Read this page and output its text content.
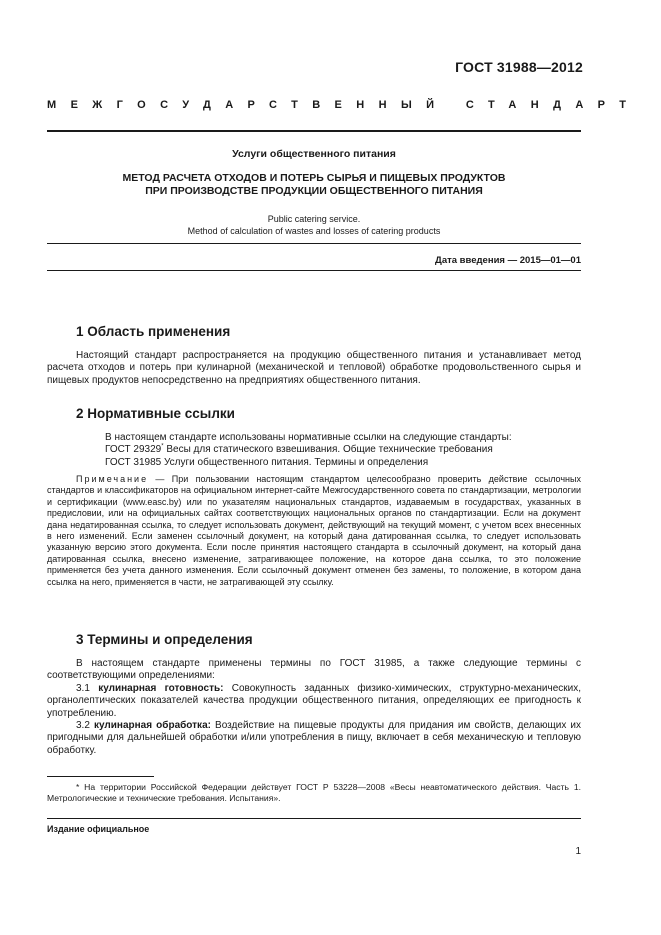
ГОСТ 31988—2012
МЕЖГОСУДАРСТВЕННЫЙ СТАНДАРТ
Услуги общественного питания
МЕТОД РАСЧЕТА ОТХОДОВ И ПОТЕРЬ СЫРЬЯ И ПИЩЕВЫХ ПРОДУКТОВ
ПРИ ПРОИЗВОДСТВЕ ПРОДУКЦИИ ОБЩЕСТВЕННОГО ПИТАНИЯ
Public catering service.
Method of calculation of wastes and losses of catering products
Дата введения — 2015—01—01
1 Область применения

Настоящий стандарт распространяется на продукцию общественного питания и устанавливает метод расчета отходов и потерь при кулинарной (механической и тепловой) обработке продовольственного сырья и пищевых продуктов непосредственно на предприятиях общественного питания.

2 Нормативные ссылки

В настоящем стандарте использованы нормативные ссылки на следующие стандарты:

ГОСТ 29329* Весы для статического взвешивания. Общие технические требования

ГОСТ 31985 Услуги общественного питания. Термины и определения

Примечание — При пользовании настоящим стандартом целесообразно проверить действие ссылочных стандартов и классификаторов на официальном интернет-сайте Межгосударственного совета по стандартизации, метрологии и сертификации (www.easc.by) или по указателям национальных стандартов, издаваемым в государствах, указанных в предисловии, или на официальных сайтах соответствующих национальных органов по стандартизации. Если на документ дана недатированная ссылка, то следует использовать документ, действующий на текущий момент, с учетом всех внесенных в него изменений. Если заменен ссылочный документ, на который дана датированная ссылка, то следует использовать указанную версию этого документа. Если после принятия настоящего стандарта в ссылочный документ, на который дана датированная ссылка, внесено изменение, затрагивающее положение, на которое дана ссылка, то это положение применяется без учета данного изменения. Если ссылочный документ отменен без замены, то положение, в котором дана ссылка на него, применяется в части, не затрагивающей эту ссылку.
3 Термины и определения

В настоящем стандарте применены термины по ГОСТ 31985, а также следующие термины с соответствующими определениями:

3.1 кулинарная готовность: Совокупность заданных физико-химических, структурно-механических, органолептических показателей качества продукции общественного питания, определяющих ее пригодность к употреблению.

3.2 кулинарная обработка: Воздействие на пищевые продукты для придания им свойств, делающих их пригодными для дальнейшей обработки и/или употребления в пищу, включает в себя механическую и тепловую обработку.

* На территории Российской Федерации действует ГОСТ Р 53228—2008 «Весы неавтоматического действия. Часть 1. Метрологические и технические требования. Испытания».
Издание официальное
1
